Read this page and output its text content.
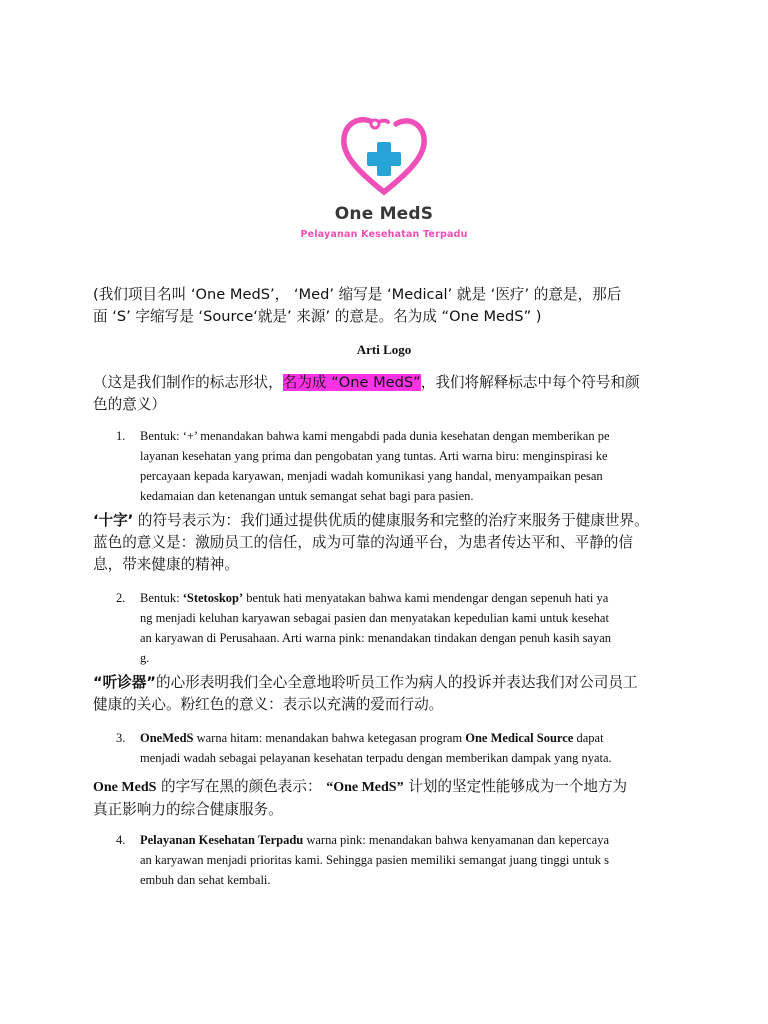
One MedS
Pelayanan Kesehatan Terpadu

(我们项目名叫 ‘One MedS’， ‘Med’ 缩写是 ‘Medical’ 就是 ‘医疗’ 的意是，那后

面 ‘S’ 字缩写是 ‘Source‘就是’ 来源’ 的意是。名为成 “One MedS” )

Arti Logo

（这是我们制作的标志形状，名为成 “One MedS”，我们将解释标志中每个符号和颜

色的意义）

1. Bentuk: ‘+’ menandakan bahwa kami mengabdi pada dunia kesehatan dengan memberikan pe
layanan kesehatan yang prima dan pengobatan yang tuntas. Arti warna biru: menginspirasi ke
percayaan kepada karyawan, menjadi wadah komunikasi yang handal, menyampaikan pesan
kedamaian dan ketenangan untuk semangat sehat bagi para pasien.

‘十字’ 的符号表示为：我们通过提供优质的健康服务和完整的治疗来服务于健康世界。

蓝色的意义是：激励员工的信任，成为可靠的沟通平台，为患者传达平和、平静的信

息，带来健康的精神。

2. Bentuk: ‘Stetoskop’ bentuk hati menyatakan bahwa kami mendengar dengan sepenuh hati ya
ng menjadi keluhan karyawan sebagai pasien dan menyatakan kepedulian kami untuk kesehat
an karyawan di Perusahaan. Arti warna pink: menandakan tindakan dengan penuh kasih sayan
g.

“听诊器”的心形表明我们全心全意地聆听员工作为病人的投诉并表达我们对公司员工

健康的关心。粉红色的意义：表示以充满的爱而行动。

3. OneMedS warna hitam: menandakan bahwa ketegasan program One Medical Source dapat
menjadi wadah sebagai pelayanan kesehatan terpadu dengan memberikan dampak yang nyata.

One MedS 的字写在黑的颜色表示： “One MedS” 计划的坚定性能够成为一个地方为

真正影响力的综合健康服务。

4. Pelayanan Kesehatan Terpadu warna pink: menandakan bahwa kenyamanan dan kepercaya
an karyawan menjadi prioritas kami. Sehingga pasien memiliki semangat juang tinggi untuk s
embuh dan sehat kembali.
